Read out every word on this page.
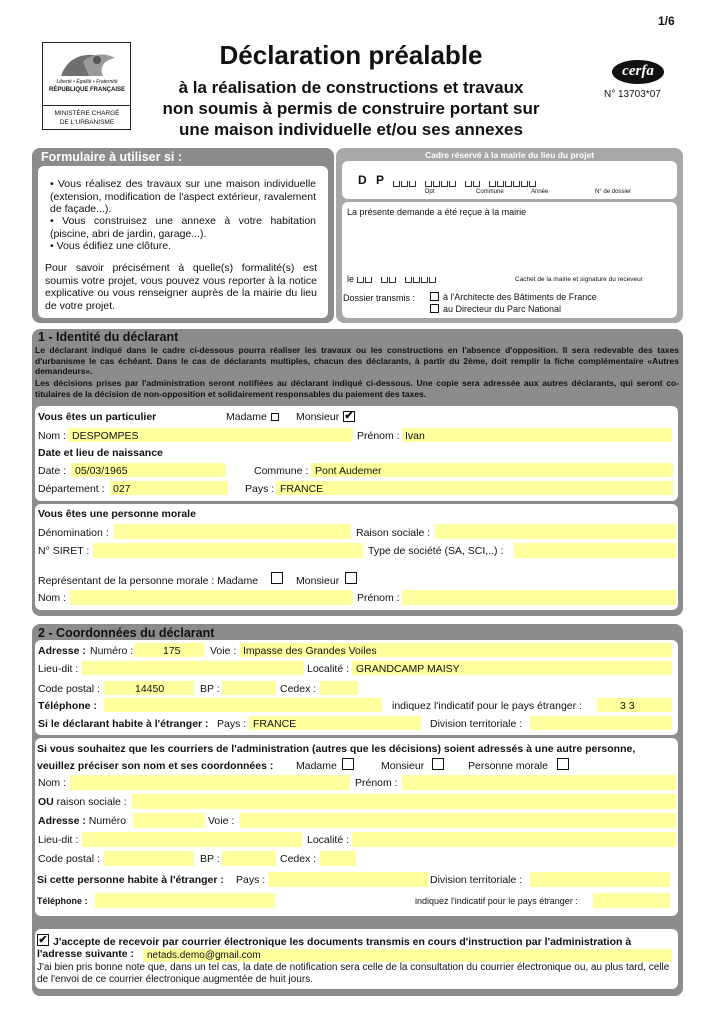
1/6
Liberté • Égalité • Fraternité
RÉPUBLIQUE FRANÇAISE
MINISTÈRE CHARGÉ
DE L'URBANISME
Déclaration préalable
à la réalisation de constructions et travaux
non soumis à permis de construire portant sur
une maison individuelle et/ou ses annexes
cerfa
N° 13703*07
Formulaire à utiliser si :
• Vous réalisez des travaux sur une maison individuelle (extension, modification de l'aspect extérieur, ravalement de façade...).
• Vous construisez une annexe à votre habitation (piscine, abri de jardin, garage...).
• Vous édifiez une clôture.
Pour savoir précisément à quelle(s) formalité(s) est soumis votre projet, vous pouvez vous reporter à la notice explicative ou vous renseigner auprès de la mairie du lieu de votre projet.
Cadre réservé à la mairie du lieu du projet
D P
Dpt	Commune	Année	N° de dossier
La présente demande a été reçue à la mairie
le	Cachet de la mairie et signature du receveur
Dossier transmis :	à l'Architecte des Bâtiments de France
au Directeur du Parc National
1 - Identité du déclarant
Le déclarant indiqué dans le cadre ci-dessous pourra réaliser les travaux ou les constructions en l'absence d'opposition. Il sera redevable des taxes d'urbanisme le cas échéant. Dans le cas de déclarants multiples, chacun des déclarants, à partir du 2ème, doit remplir la fiche complémentaire «Autres demandeurs».
Les décisions prises par l'administration seront notifiées au déclarant indiqué ci-dessous. Une copie sera adressée aux autres déclarants, qui seront co-titulaires de la décision de non-opposition et solidairement responsables du paiement des taxes.
Vous êtes un particulier	Madame	Monsieur ✔
Nom : DESPOMPES	Prénom : Ivan
Date et lieu de naissance
Date : 05/03/1965	Commune : Pont Audemer
Département : 027	Pays : FRANCE
Vous êtes une personne morale
Dénomination :	Raison sociale :
N° SIRET :	Type de société (SA, SCI,..) :
Représentant de la personne morale : Madame	Monsieur
Nom :	Prénom :
2 - Coordonnées du déclarant
Adresse : Numéro :	175	Voie : Impasse des Grandes Voiles
Lieu-dit :	Localité : GRANDCAMP MAISY
Code postal :	14450	BP :	Cedex :
Téléphone :	indiquez l'indicatif pour le pays étranger :	3 3
Si le déclarant habite à l'étranger : Pays : FRANCE	Division territoriale :
Si vous souhaitez que les courriers de l'administration (autres que les décisions) soient adressés à une autre personne,
veuillez préciser son nom et ses coordonnées : Madame	Monsieur	Personne morale
Nom :	Prénom :
OU raison sociale :
Adresse : Numéro	Voie :
Lieu-dit :	Localité :
Code postal :	BP :	Cedex :
Si cette personne habite à l'étranger : Pays :	Division territoriale :
Téléphone :	indiquez l'indicatif pour le pays étranger :
✔ J'accepte de recevoir par courrier électronique les documents transmis en cours d'instruction par l'administration à
l'adresse suivante : netads.demo@gmail.com
J'ai bien pris bonne note que, dans un tel cas, la date de notification sera celle de la consultation du courrier électronique ou, au plus tard, celle de l'envoi de ce courrier électronique augmentée de huit jours.
